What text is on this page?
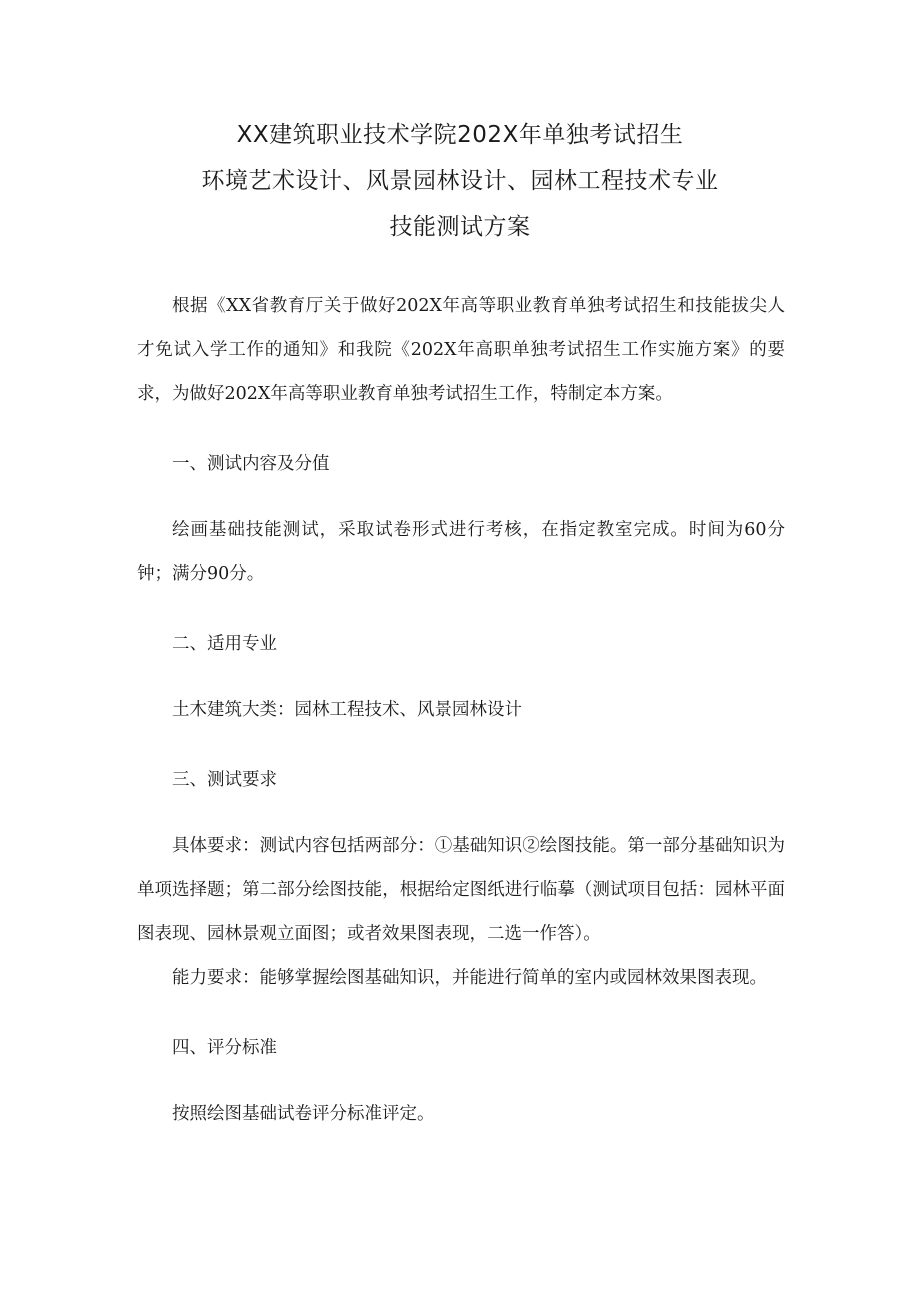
XX建筑职业技术学院202X年单独考试招生
环境艺术设计、风景园林设计、园林工程技术专业
技能测试方案

根据《XX省教育厅关于做好202X年高等职业教育单独考试招生和技能拔尖人才免试入学工作的通知》和我院《202X年高职单独考试招生工作实施方案》的要求，为做好202X年高等职业教育单独考试招生工作，特制定本方案。

一、测试内容及分值

绘画基础技能测试，采取试卷形式进行考核，在指定教室完成。时间为60分钟；满分90分。

二、适用专业

土木建筑大类：园林工程技术、风景园林设计

三、测试要求

具体要求：测试内容包括两部分：①基础知识②绘图技能。第一部分基础知识为单项选择题；第二部分绘图技能，根据给定图纸进行临摹（测试项目包括：园林平面图表现、园林景观立面图；或者效果图表现，二选一作答）。

能力要求：能够掌握绘图基础知识，并能进行简单的室内或园林效果图表现。

四、评分标准

按照绘图基础试卷评分标准评定。
